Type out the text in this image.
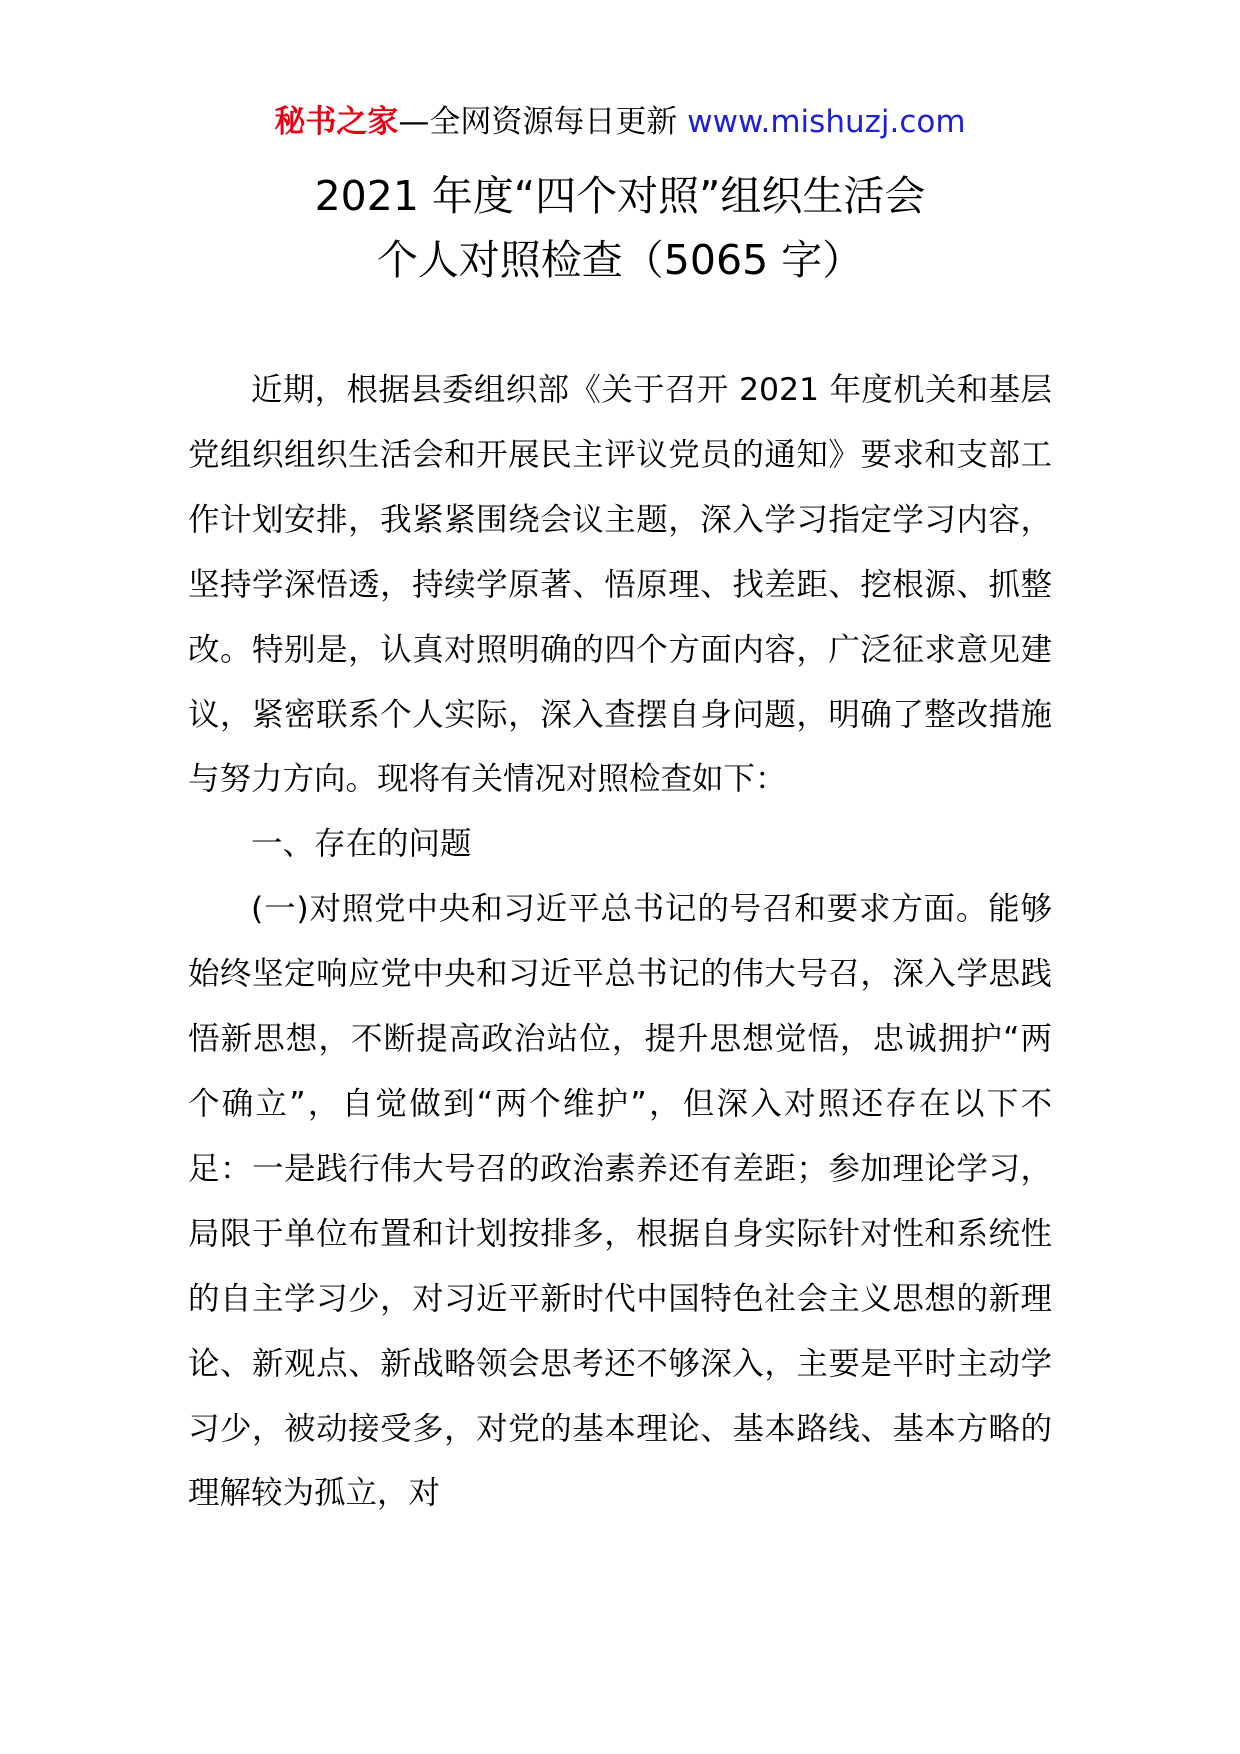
秘书之家—全网资源每日更新 www.mishuzj.com
2021 年度“四个对照”组织生活会
个人对照检查（5065 字）

近期，根据县委组织部《关于召开 2021 年度机关和基层党组织组织生活会和开展民主评议党员的通知》要求和支部工作计划安排，我紧紧围绕会议主题，深入学习指定学习内容，坚持学深悟透，持续学原著、悟原理、找差距、挖根源、抓整改。特别是，认真对照明确的四个方面内容，广泛征求意见建议，紧密联系个人实际，深入查摆自身问题，明确了整改措施与努力方向。现将有关情况对照检查如下：

一、存在的问题

(一)对照党中央和习近平总书记的号召和要求方面。能够始终坚定响应党中央和习近平总书记的伟大号召，深入学思践悟新思想，不断提高政治站位，提升思想觉悟，忠诚拥护“两个确立”，自觉做到“两个维护”，但深入对照还存在以下不足：一是践行伟大号召的政治素养还有差距；参加理论学习，局限于单位布置和计划按排多，根据自身实际针对性和系统性的自主学习少，对习近平新时代中国特色社会主义思想的新理论、新观点、新战略领会思考还不够深入，主要是平时主动学习少，被动接受多，对党的基本理论、基本路线、基本方略的理解较为孤立，对
